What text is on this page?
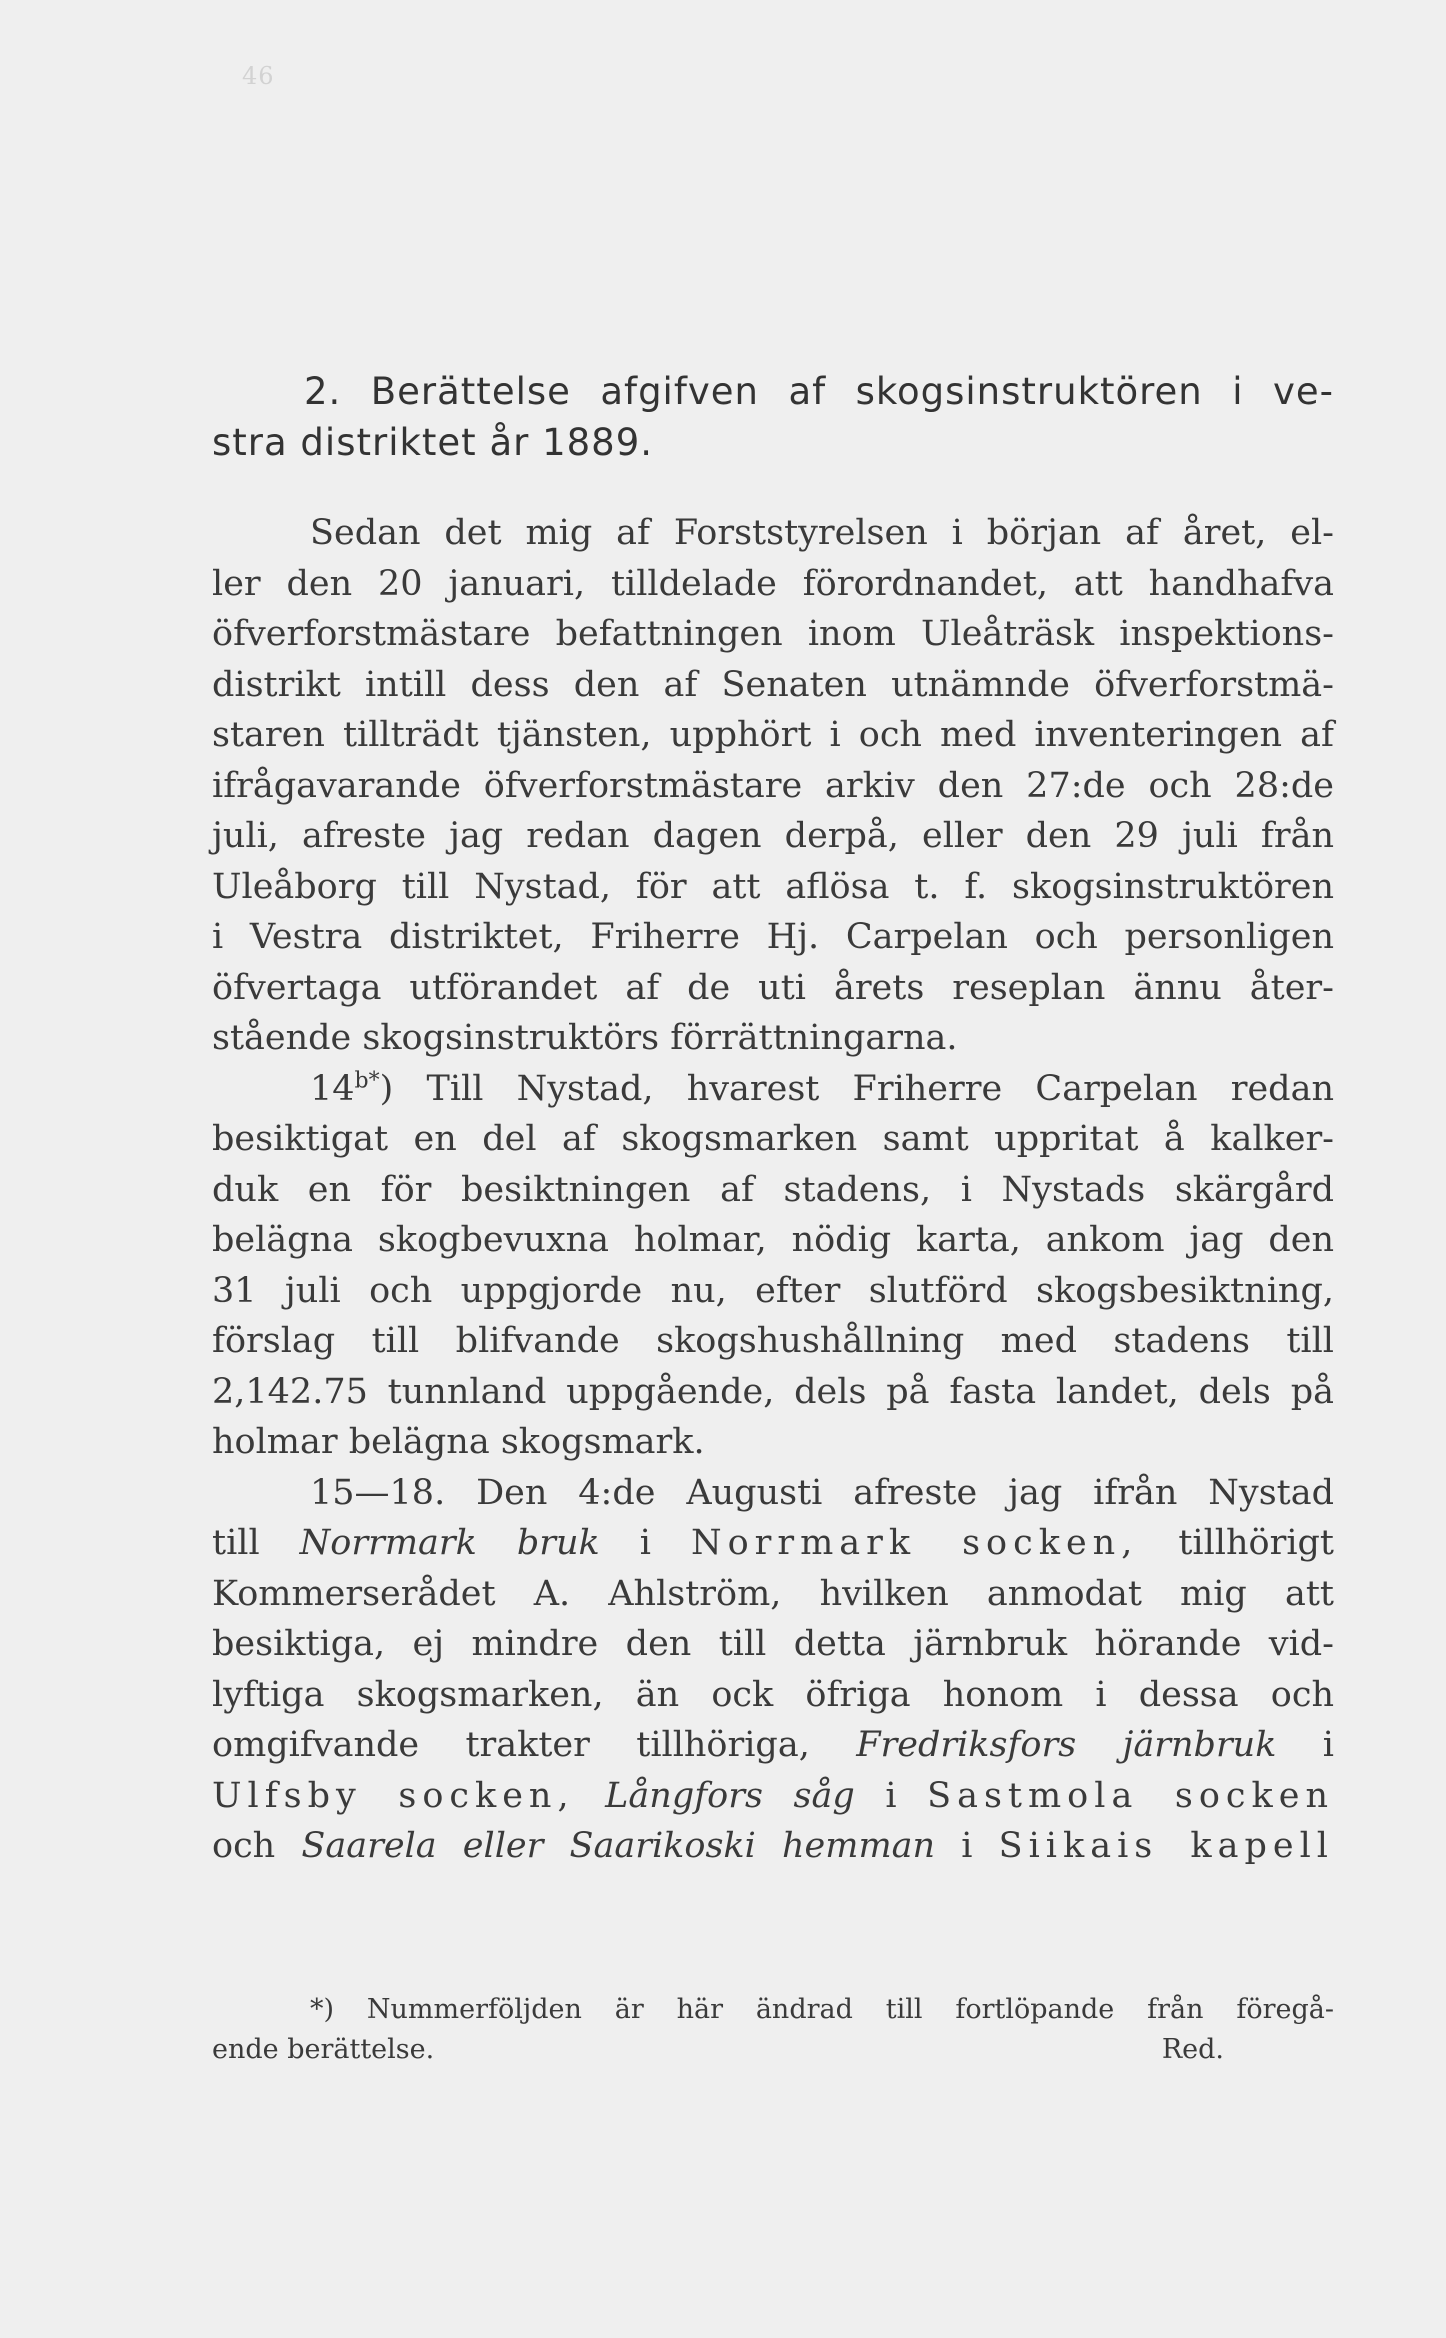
46
2. Berättelse afgifven af skogsinstruktören i ve-
stra distriktet år 1889.
Sedan det mig af Forststyrelsen i början af året, el-
ler den 20 januari, tilldelade förordnandet, att handhafva
öfverforstmästare befattningen inom Uleåträsk inspektions-
distrikt intill dess den af Senaten utnämnde öfverforstmä-
staren tillträdt tjänsten, upphört i och med inventeringen af
ifrågavarande öfverforstmästare arkiv den 27:de och 28:de
juli, afreste jag redan dagen derpå, eller den 29 juli från
Uleåborg till Nystad, för att aflösa t. f. skogsinstruktören
i Vestra distriktet, Friherre Hj. Carpelan och personligen
öfvertaga utförandet af de uti årets reseplan ännu åter-
stående skogsinstruktörs förrättningarna.
$14^{b*}$) Till Nystad, hvarest Friherre Carpelan redan
besiktigat en del af skogsmarken samt uppritat å kalker-
duk en för besiktningen af stadens, i Nystads skärgård
belägna skogbevuxna holmar, nödig karta, ankom jag den
31 juli och uppgjorde nu, efter slutförd skogsbesiktning,
förslag till blifvande skogshushållning med stadens till
2,142.75 tunnland uppgående, dels på fasta landet, dels på
holmar belägna skogsmark.
15—18. Den 4:de Augusti afreste jag ifrån Nystad
till Norrmark bruk i Norrmark socken, tillhörigt
Kommerserådet A. Ahlström, hvilken anmodat mig att
besiktiga, ej mindre den till detta järnbruk hörande vid-
lyftiga skogsmarken, än ock öfriga honom i dessa och
omgifvande trakter tillhöriga, Fredriksfors järnbruk i
Ulfsby socken, Långfors såg i Sastmola socken
och Saarela eller Saarikoski hemman i Siikais kapell
*) Nummerföljden är här ändrad till fortlöpande från föregå-
ende berättelse.	Red.
